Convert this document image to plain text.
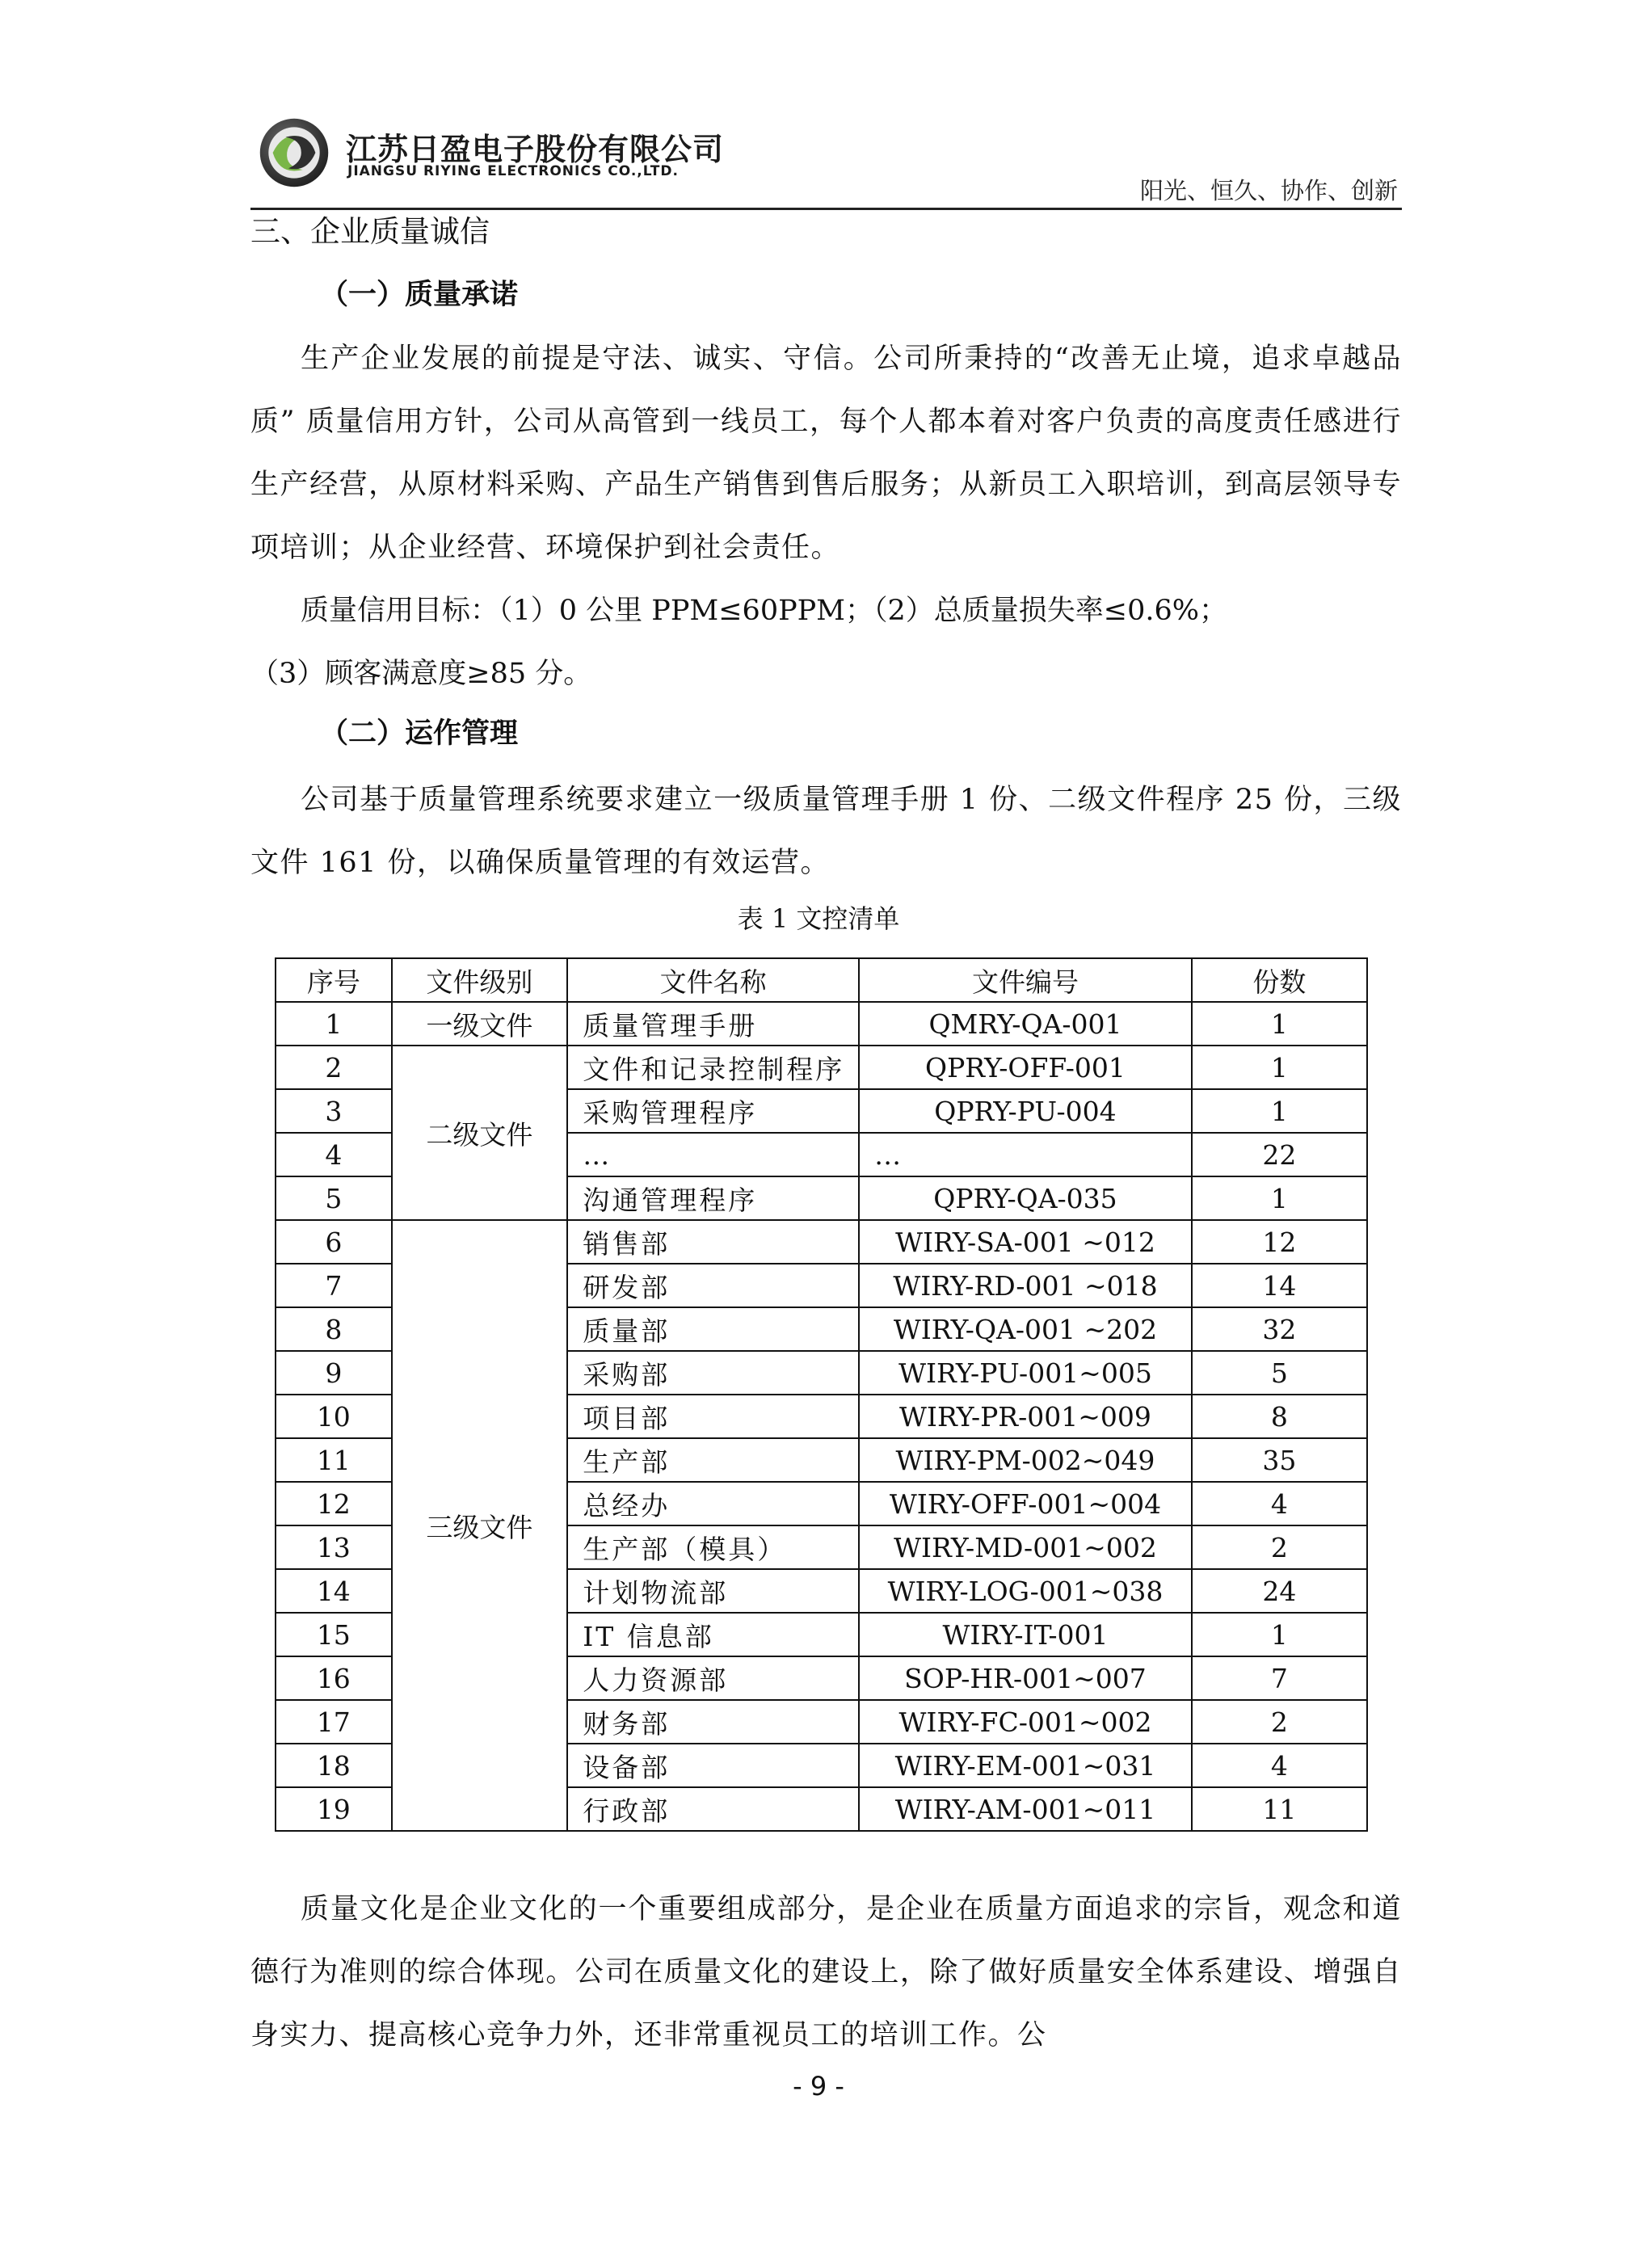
江苏日盈电子股份有限公司
JIANGSU RIYING ELECTRONICS CO.,LTD.
阳光、恒久、协作、创新
三、企业质量诚信
（一）质量承诺

生产企业发展的前提是守法、诚实、守信。公司所秉持的“改善无止境，追求卓越品质” 质量信用方针，公司从高管到一线员工，每个人都本着对客户负责的高度责任感进行生产经营，从原材料采购、产品生产销售到售后服务；从新员工入职培训，到高层领导专项培训；从企业经营、环境保护到社会责任。

质量信用目标：（1）0 公里 PPM≤60PPM；（2）总质量损失率≤0.6%；
（3）顾客满意度≥85 分。
（二）运作管理

公司基于质量管理系统要求建立一级质量管理手册 1 份、二级文件程序 25 份，三级文件 161 份，以确保质量管理的有效运营。

表 1 文控清单
序号	文件级别	文件名称	文件编号	份数
1	一级文件	质量管理手册	QMRY-QA-001	1
2	二级文件	文件和记录控制程序	QPRY-OFF-001	1
3		采购管理程序	QPRY-PU-004	1
4		…	…	22
5		沟通管理程序	QPRY-QA-035	1
6	三级文件	销售部	WIRY-SA-001 ~012	12
7		研发部	WIRY-RD-001 ~018	14
8		质量部	WIRY-QA-001 ~202	32
9		采购部	WIRY-PU-001~005	5
10		项目部	WIRY-PR-001~009	8
11		生产部	WIRY-PM-002~049	35
12		总经办	WIRY-OFF-001~004	4
13		生产部（模具）	WIRY-MD-001~002	2
14		计划物流部	WIRY-LOG-001~038	24
15		IT 信息部	WIRY-IT-001	1
16		人力资源部	SOP-HR-001~007	7
17		财务部	WIRY-FC-001~002	2
18		设备部	WIRY-EM-001~031	4
19		行政部	WIRY-AM-001~011	11

质量文化是企业文化的一个重要组成部分，是企业在质量方面追求的宗旨，观念和道德行为准则的综合体现。公司在质量文化的建设上，除了做好质量安全体系建设、增强自身实力、提高核心竞争力外，还非常重视员工的培训工作。公

- 9 -
